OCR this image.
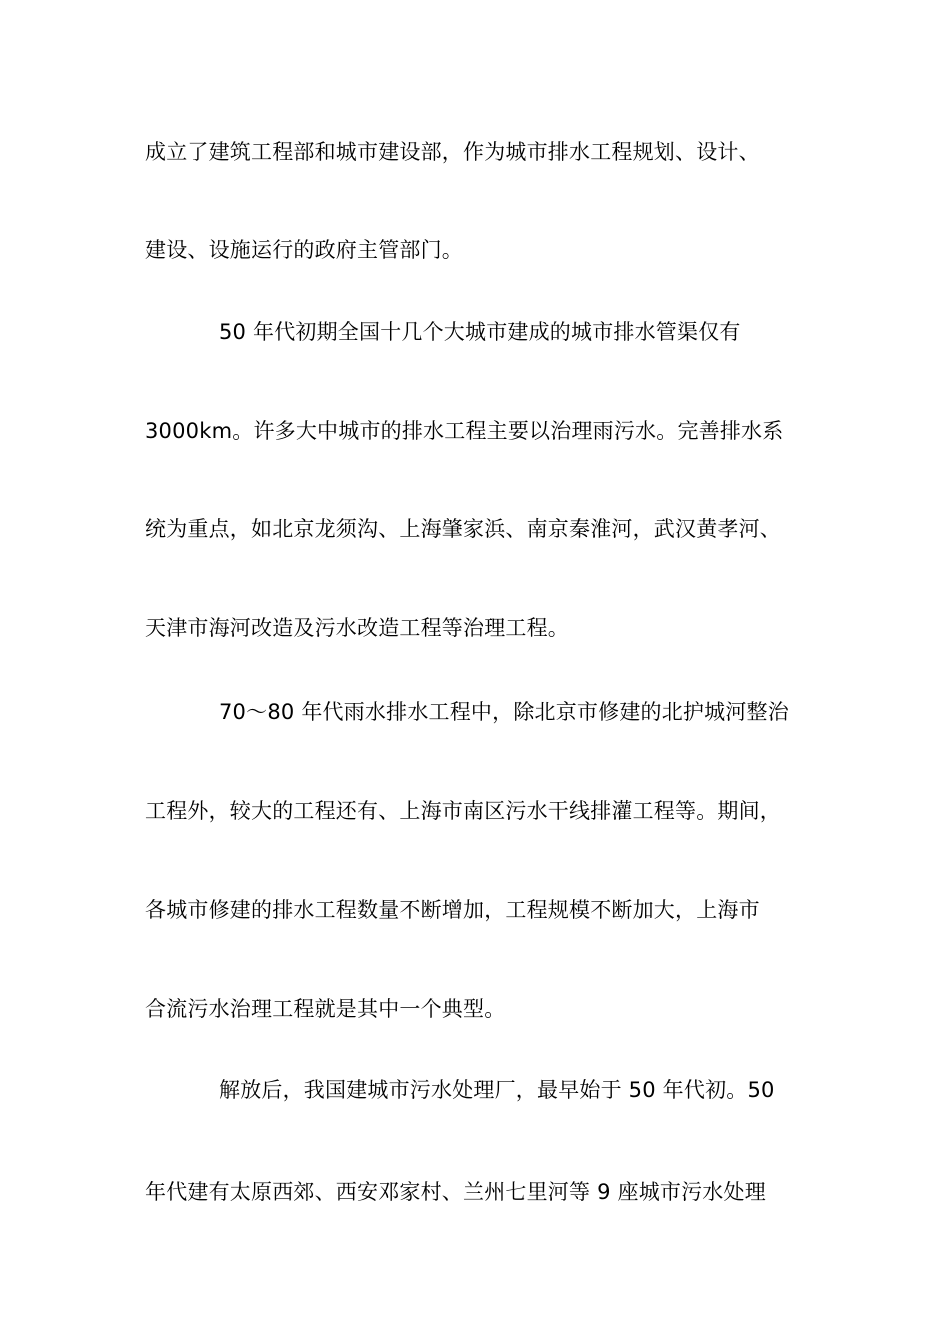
成立了建筑工程部和城市建设部，作为城市排水工程规划、设计、
建设、设施运行的政府主管部门。
50 年代初期全国十几个大城市建成的城市排水管渠仅有
3000km。许多大中城市的排水工程主要以治理雨污水。完善排水系
统为重点，如北京龙须沟、上海肇家浜、南京秦淮河，武汉黄孝河、
天津市海河改造及污水改造工程等治理工程。
70～80 年代雨水排水工程中，除北京市修建的北护城河整治
工程外，较大的工程还有、上海市南区污水干线排灌工程等。期间，
各城市修建的排水工程数量不断增加，工程规模不断加大，上海市
合流污水治理工程就是其中一个典型。
解放后，我国建城市污水处理厂，最早始于 50 年代初。50
年代建有太原西郊、西安邓家村、兰州七里河等 9 座城市污水处理
